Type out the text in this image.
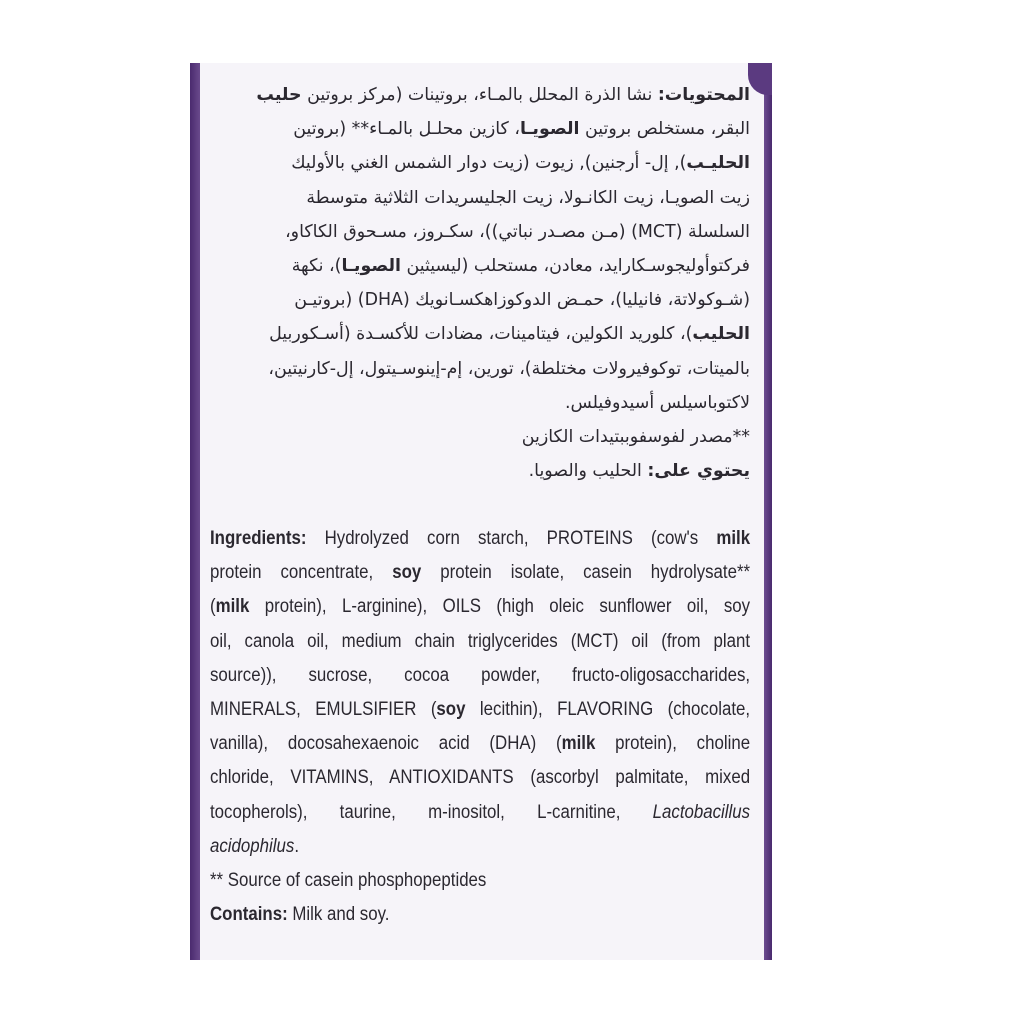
المحتويات: نشا الذرة المحلل بالمـاء، بروتينات (مركز بروتين حليب
البقر، مستخلص بروتين الصويـا، كازين محلـل بالمـاء** (بروتين
الحليـب), إل- أرجنين), زيوت (زيت دوار الشمس الغني بالأوليك
زيت الصويـا، زيت الكانـولا، زيت الجليسريدات الثلاثية متوسطة
السلسلة (MCT) (مـن مصـدر نباتي))، سكـروز، مسـحوق الكاكاو،
فركتوأوليجوسـكارايد، معادن، مستحلب (ليسيثين الصويـا)، نكهة
(شـوكولاتة، فانيليا)، حمـض الدوكوزاهكسـانويك (DHA) (بروتيـن
الحليب)، كلوريد الكولين، فيتامينات، مضادات للأكسـدة (أسـكوربيل
بالميتات، توكوفيرولات مختلطة)، تورين، إم-إينوسـيتول، إل-كارنيتين،
لاكتوباسيلس أسيدوفيلس.
**مصدر لفوسفوببتيدات الكازين
يحتوي على: الحليب والصويا.
Ingredients: Hydrolyzed corn starch, PROTEINS (cow's milk
protein concentrate, soy protein isolate, casein hydrolysate**
(milk protein), L-arginine), OILS (high oleic sunflower oil, soy
oil, canola oil, medium chain triglycerides (MCT) oil (from plant
source)), sucrose, cocoa powder, fructo-oligosaccharides,
MINERALS, EMULSIFIER (soy lecithin), FLAVORING (chocolate,
vanilla), docosahexaenoic acid (DHA) (milk protein), choline
chloride, VITAMINS, ANTIOXIDANTS (ascorbyl palmitate, mixed
tocopherols), taurine, m-inositol, L-carnitine, Lactobacillus
acidophilus.
** Source of casein phosphopeptides
Contains: Milk and soy.
